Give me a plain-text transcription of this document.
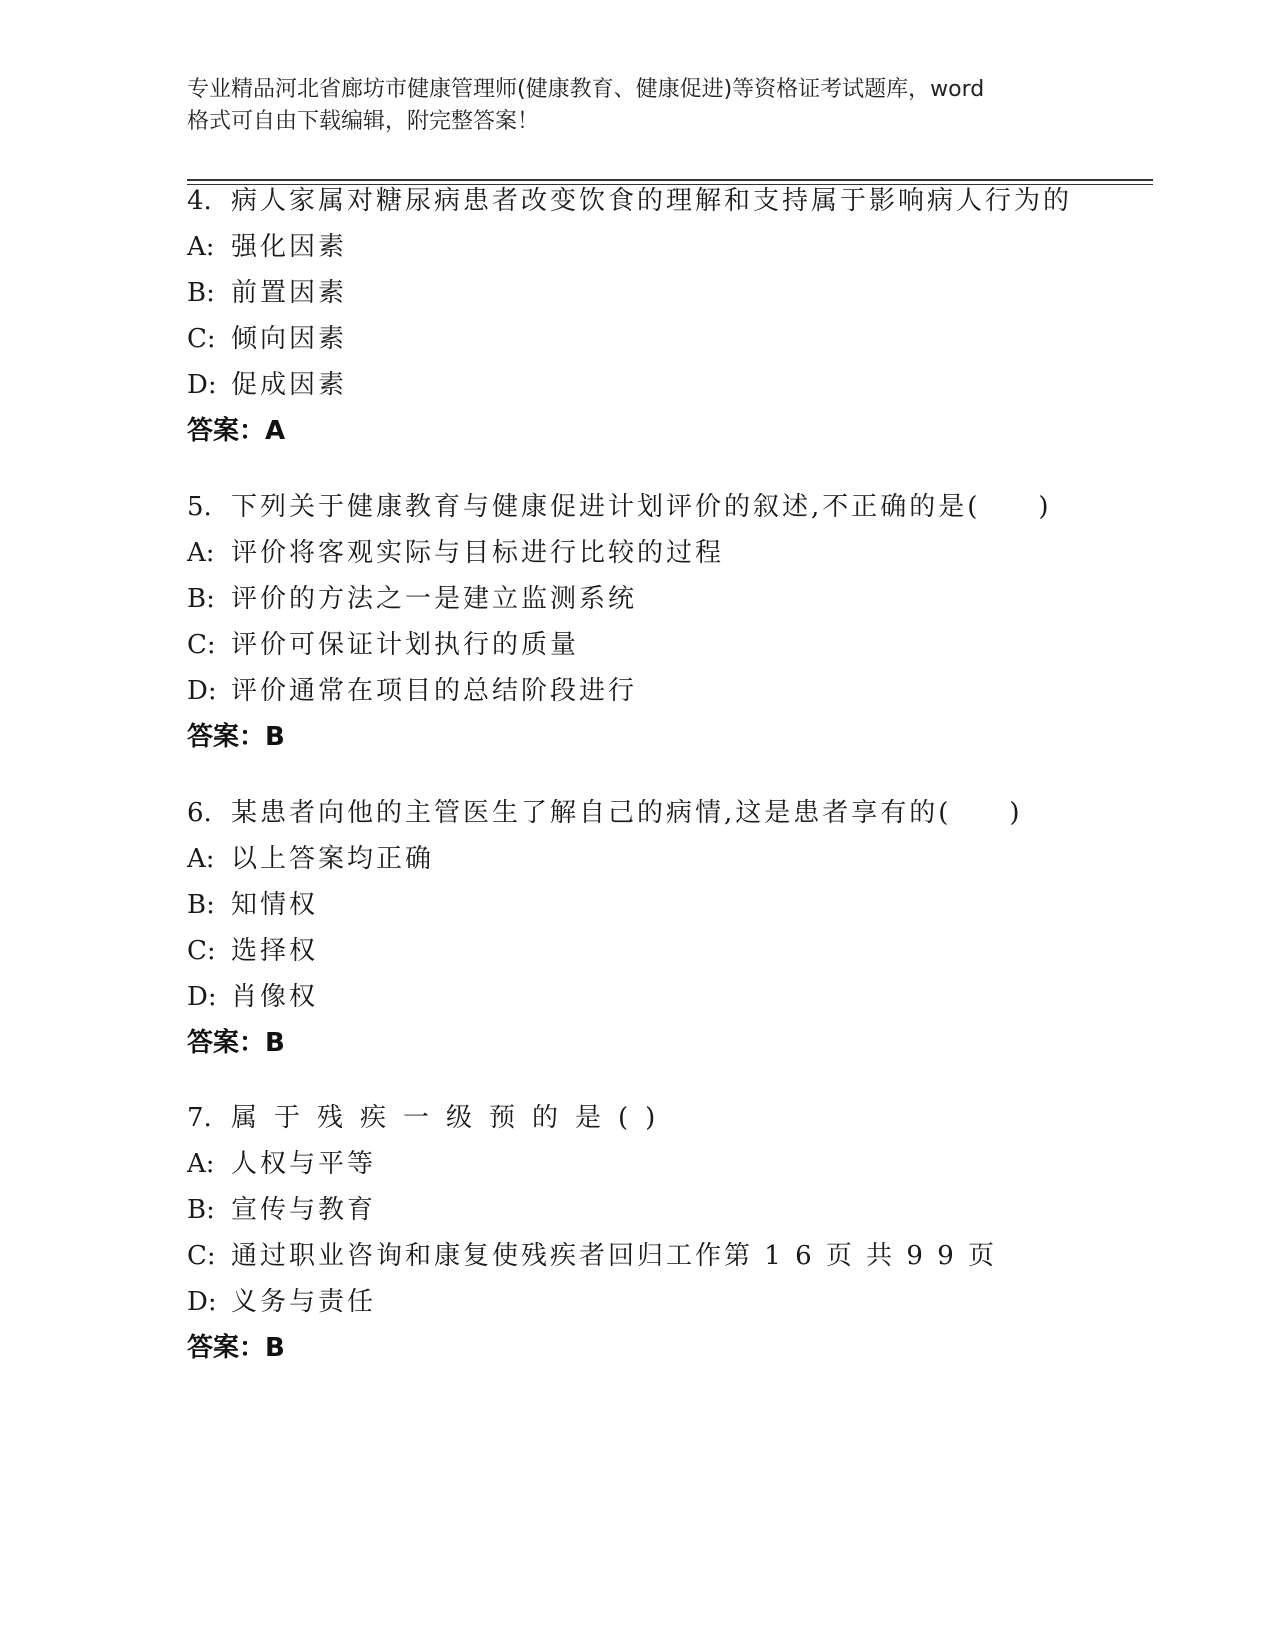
专业精品河北省廊坊市健康管理师(健康教育、健康促进)等资格证考试题库，word
格式可自由下载编辑，附完整答案！
4. 病人家属对糖尿病患者改变饮食的理解和支持属于影响病人行为的
A: 强化因素
B: 前置因素
C: 倾向因素
D: 促成因素
答案：A
5. 下列关于健康教育与健康促进计划评价的叙述,不正确的是(　　)
A: 评价将客观实际与目标进行比较的过程
B: 评价的方法之一是建立监测系统
C: 评价可保证计划执行的质量
D: 评价通常在项目的总结阶段进行
答案：B
6. 某患者向他的主管医生了解自己的病情,这是患者享有的(　　)
A: 以上答案均正确
B: 知情权
C: 选择权
D: 肖像权
答案：B
7. 属于残疾一级预的是()
A: 人权与平等
B: 宣传与教育
C: 通过职业咨询和康复使残疾者回归工作第 1 6 页 共 9 9 页
D: 义务与责任
答案：B
